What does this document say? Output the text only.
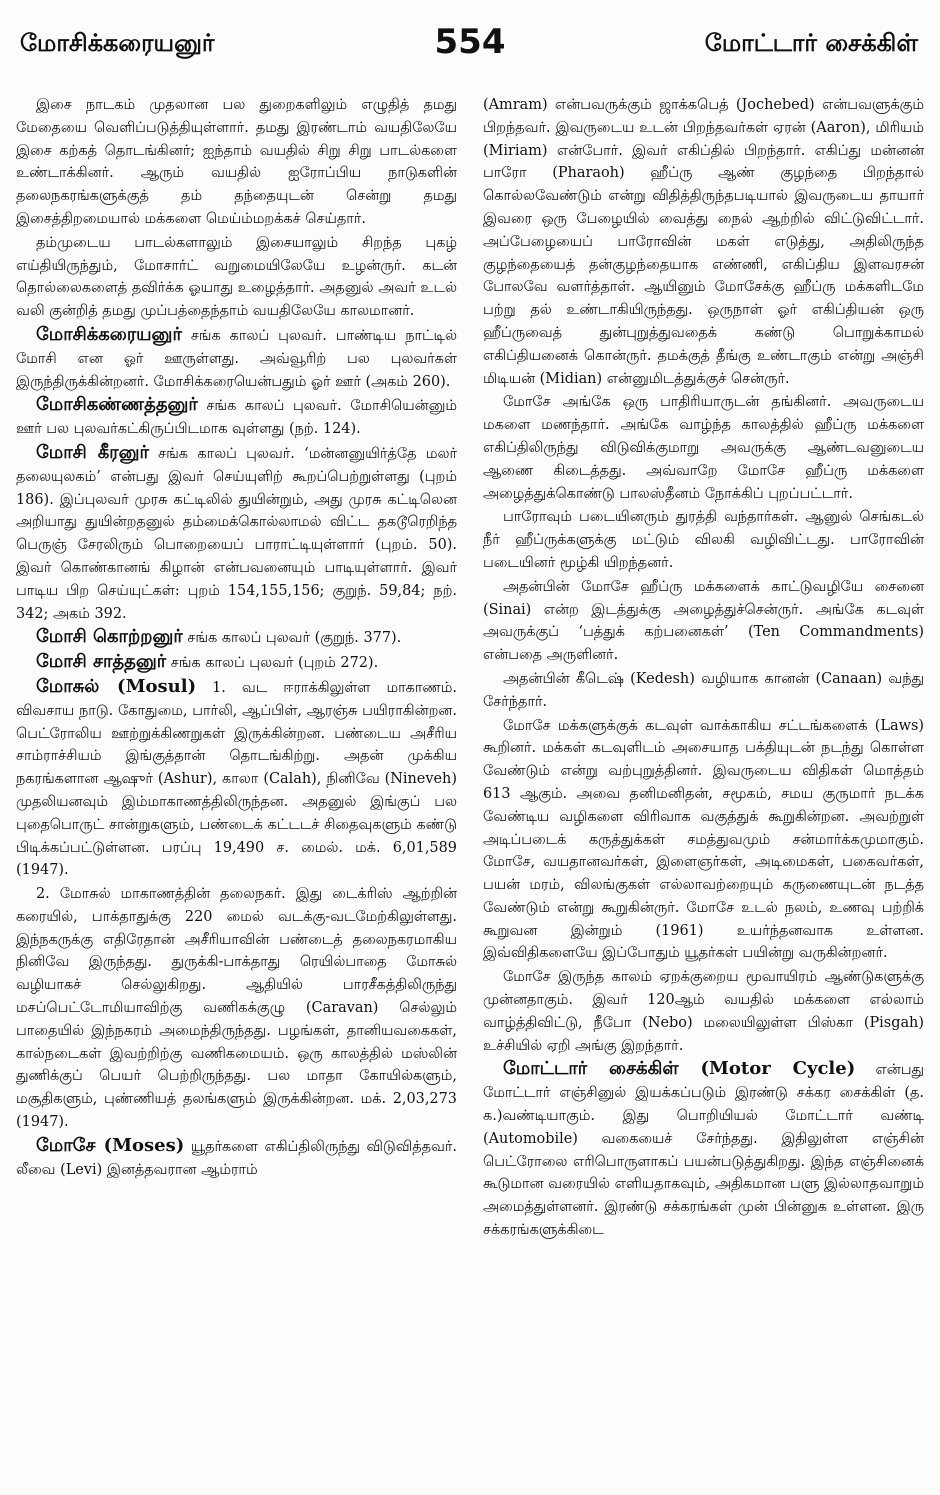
மோசிக்கரையனுர்	554	மோட்டார் சைக்கிள்

இசை நாடகம் முதலான பல துறைகளிலும் எழுதித் தமது மேதையை வெளிப்படுத்தியுள்ளார். தமது இரண்டாம் வயதிலேயே இசை கற்கத் தொடங்கினர்; ஐந்தாம் வயதில் சிறு சிறு பாடல்களை உண்டாக்கினர். ஆரும் வயதில் ஐரோப்பிய நாடுகளின் தலைநகரங்களுக்குத் தம் தந்தையுடன் சென்று தமது இசைத்திறமையால் மக்களை மெய்ம்மறக்கச் செய்தார்.

தம்முடைய பாடல்களாலும் இசையாலும் சிறந்த புகழ் எய்தியிருந்தும், மோசார்ட் வறுமையிலேயே உழன்ருர். கடன் தொல்லைகளைத் தவிர்க்க ஓயாது உழைத்தார். அதனுல் அவர் உடல் வலி குன்றித் தமது முப்பத்தைந்தாம் வயதிலேயே காலமானர்.

மோசிக்கரையனுர் சங்க காலப் புலவர். பாண்டிய நாட்டில் மோசி என ஓர் ஊருள்ளது. அவ்வூரிற் பல புலவர்கள் இருந்திருக்கின்றனர். மோசிக்கரையென்பதும் ஓர் ஊர் (அகம் 260).

மோசிகண்ணத்தனுர் சங்க காலப் புலவர். மோசியென்னும் ஊர் பல புலவர்கட்கிருப்பிடமாக வுள்ளது (நற். 124).

மோசி கீரனுர் சங்க காலப் புலவர். ‘மன்னனுயிர்த்தே மலர் தலையுலகம்’ என்பது இவர் செய்யுளிற் கூறப்பெற்றுள்ளது (புறம் 186). இப்புலவர் முரசு கட்டிலில் துயின்றும், அது முரசு கட்டிலென அறியாது துயின்றதனுல் தம்மைக்கொல்லாமல் விட்ட தகடூரெறிந்த பெருஞ் சேரலிரும் பொறையைப் பாராட்டியுள்ளார் (புறம். 50). இவர் கொண்கானங் கிழான் என்பவனையும் பாடியுள்ளார். இவர் பாடிய பிற செய்யுட்கள்: புறம் 154,155,156; குறுந். 59,84; நற். 342; அகம் 392.

மோசி கொற்றனுர் சங்க காலப் புலவர் (குறுந். 377).

மோசி சாத்தனுர் சங்க காலப் புலவர் (புறம் 272).

மோசுல் (Mosul) 1. வட ஈராக்கிலுள்ள மாகாணம். விவசாய நாடு. கோதுமை, பார்லி, ஆப்பிள், ஆரஞ்சு பயிராகின்றன. பெட்ரோலிய ஊற்றுக்கிணறுகள் இருக்கின்றன. பண்டைய அசீரிய சாம்ராச்சியம் இங்குத்தான் தொடங்கிற்று. அதன் முக்கிய நகரங்களான ஆஷுர் (Ashur), காலா (Calah), நினிவே (Nineveh) முதலியனவும் இம்மாகாணத்திலிருந்தன. அதனுல் இங்குப் பல புதைபொருட் சான்றுகளும், பண்டைக் கட்டடச் சிதைவுகளும் கண்டு பிடிக்கப்பட்டுள்ளன. பரப்பு 19,490 ச. மைல். மக். 6,01,589 (1947).

2. மோசுல் மாகாணத்தின் தலைநகர். இது டைக்ரிஸ் ஆற்றின் கரையில், பாக்தாதுக்கு 220 மைல் வடக்கு-வடமேற்கிலுள்ளது. இந்நகருக்கு எதிரேதான் அசீரியாவின் பண்டைத் தலைநகரமாகிய நினிவே இருந்தது. துருக்கி-பாக்தாது ரெயில்பாதை மோசுல் வழியாகச் செல்லுகிறது. ஆதியில் பாரசீகத்திலிருந்து மசப்பெட்டோமியாவிற்கு வணிகக்குழு (Caravan) செல்லும் பாதையில் இந்நகரம் அமைந்திருந்தது. பழங்கள், தானியவகைகள், கால்நடைகள் இவற்றிற்கு வணிகமையம். ஒரு காலத்தில் மஸ்லின் துணிக்குப் பெயர் பெற்றிருந்தது. பல மாதா கோயில்களும், மசூதிகளும், புண்ணியத் தலங்களும் இருக்கின்றன. மக். 2,03,273 (1947).

மோசே (Moses) யூதர்களை எகிப்திலிருந்து விடுவித்தவர். லீவை (Levi) இனத்தவரான ஆம்ராம்

(Amram) என்பவருக்கும் ஜாக்கபெத் (Jochebed) என்பவளுக்கும் பிறந்தவர். இவருடைய உடன் பிறந்தவர்கள் ஏரன் (Aaron), மிரியம் (Miriam) என்போர். இவர் எகிப்தில் பிறந்தார். எகிப்து மன்னன் பாரோ (Pharaoh) ஹீப்ரு ஆண் குழந்தை பிறந்தால் கொல்லவேண்டும் என்று விதித்திருந்தபடியால் இவருடைய தாயார் இவரை ஒரு பேழையில் வைத்து நைல் ஆற்றில் விட்டுவிட்டார். அப்பேழையைப் பாரோவின் மகள் எடுத்து, அதிலிருந்த குழந்தையைத் தன்குழந்தையாக எண்ணி, எகிப்திய இளவரசன் போலவே வளர்த்தாள். ஆயினும் மோசேக்கு ஹீப்ரு மக்களிடமே பற்று தல் உண்டாகியிருந்தது. ஒருநாள் ஓர் எகிப்தியன் ஒரு ஹீப்ருவைத் துன்புறுத்துவதைக் கண்டு பொறுக்காமல் எகிப்தியனைக் கொன்ருர். தமக்குத் தீங்கு உண்டாகும் என்று அஞ்சி மிடியன் (Midian) என்னுமிடத்துக்குச் சென்ருர்.

மோசே அங்கே ஒரு பாதிரியாருடன் தங்கினர். அவருடைய மகளை மணந்தார். அங்கே வாழ்ந்த காலத்தில் ஹீப்ரு மக்களை எகிப்திலிருந்து விடுவிக்குமாறு அவருக்கு ஆண்டவனுடைய ஆணை கிடைத்தது. அவ்வாறே மோசே ஹீப்ரு மக்களை அழைத்துக்கொண்டு பாலஸ்தீனம் நோக்கிப் புறப்பட்டார்.

பாரோவும் படையினரும் துரத்தி வந்தார்கள். ஆனுல் செங்கடல் நீர் ஹீப்ருக்களுக்கு மட்டும் விலகி வழிவிட்டது. பாரோவின் படையினர் மூழ்கி யிறந்தனர்.

அதன்பின் மோசே ஹீப்ரு மக்களைக் காட்டுவழியே சைனை (Sinai) என்ற இடத்துக்கு அழைத்துச்சென்ருர். அங்கே கடவுள் அவருக்குப் ‘பத்துக் கற்பனைகள்’ (Ten Commandments) என்பதை அருளினர்.

அதன்பின் கீடெஷ் (Kedesh) வழியாக கானன் (Canaan) வந்து சேர்ந்தார்.

மோசே மக்களுக்குக் கடவுள் வாக்காகிய சட்டங்களைக் (Laws) கூறினர். மக்கள் கடவுளிடம் அசையாத பக்தியுடன் நடந்து கொள்ள வேண்டும் என்று வற்புறுத்தினர். இவருடைய விதிகள் மொத்தம் 613 ஆகும். அவை தனிமனிதன், சமூகம், சமய குருமார் நடக்க வேண்டிய வழிகளை விரிவாக வகுத்துக் கூறுகின்றன. அவற்றுள் அடிப்படைக் கருத்துக்கள் சமத்துவமும் சன்மார்க்கமுமாகும். மோசே, வயதானவர்கள், இளைஞர்கள், அடிமைகள், பகைவர்கள், பயன் மரம், விலங்குகள் எல்லாவற்றையும் கருணையுடன் நடத்த வேண்டும் என்று கூறுகின்ருர். மோசே உடல் நலம், உணவு பற்றிக் கூறுவன இன்றும் (1961) உயர்ந்தனவாக உள்ளன. இவ்விதிகளையே இப்போதும் யூதர்கள் பயின்று வருகின்றனர்.

மோசே இருந்த காலம் ஏறக்குறைய மூவாயிரம் ஆண்டுகளுக்கு முன்னதாகும். இவர் 120ஆம் வயதில் மக்களை எல்லாம் வாழ்த்திவிட்டு, நீபோ (Nebo) மலையிலுள்ள பிஸ்கா (Pisgah) உச்சியில் ஏறி அங்கு இறந்தார்.

மோட்டார் சைக்கிள் (Motor Cycle) என்பது மோட்டார் எஞ்சினுல் இயக்கப்படும் இரண்டு சக்கர சைக்கிள் (த. க.)வண்டியாகும். இது பொறியியல் மோட்டார் வண்டி (Automobile) வகையைச் சேர்ந்தது. இதிலுள்ள எஞ்சின் பெட்ரோலை எரிபொருளாகப் பயன்படுத்துகிறது. இந்த எஞ்சினைக் கூடுமான வரையில் எளியதாகவும், அதிகமான பளு இல்லாதவாறும் அமைத்துள்ளனர். இரண்டு சக்கரங்கள் முன் பின்னுக உள்ளன. இரு சக்கரங்களுக்கிடை
